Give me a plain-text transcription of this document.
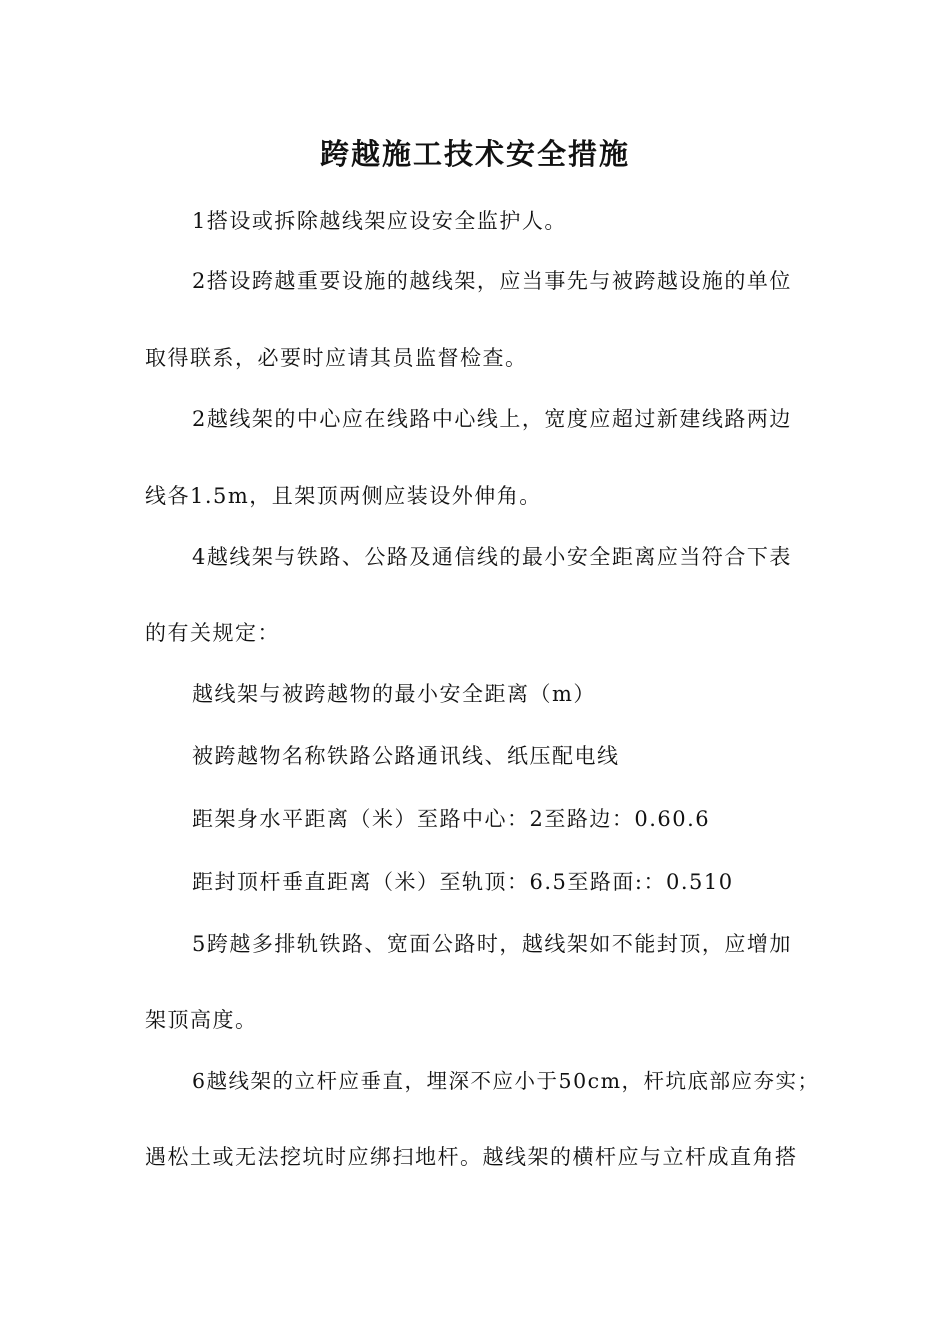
跨越施工技术安全措施
1搭设或拆除越线架应设安全监护人。
2搭设跨越重要设施的越线架，应当事先与被跨越设施的单位
取得联系，必要时应请其员监督检查。
2越线架的中心应在线路中心线上，宽度应超过新建线路两边
线各1.5m，且架顶两侧应装设外伸角。
4越线架与铁路、公路及通信线的最小安全距离应当符合下表
的有关规定：
越线架与被跨越物的最小安全距离（m）
被跨越物名称铁路公路通讯线、纸压配电线
距架身水平距离（米）至路中心：2至路边：0.60.6
距封顶杆垂直距离（米）至轨顶：6.5至路面:：0.510
5跨越多排轨铁路、宽面公路时，越线架如不能封顶，应增加
架顶高度。
6越线架的立杆应垂直，埋深不应小于50cm，杆坑底部应夯实；
遇松土或无法挖坑时应绑扫地杆。越线架的横杆应与立杆成直角搭
